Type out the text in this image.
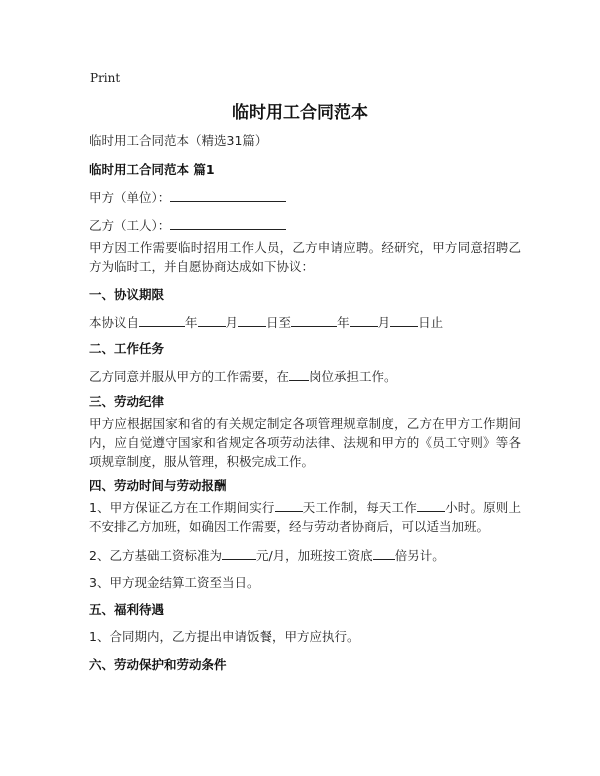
Print
临时用工合同范本
临时用工合同范本（精选31篇）
临时用工合同范本 篇1
甲方（单位）：
乙方（工人）：
甲方因工作需要临时招用工作人员，乙方申请应聘。经研究，甲方同意招聘乙方为临时工，并自愿协商达成如下协议：
一、协议期限
本协议自	年 月 日至	年 月 日止
二、工作任务
乙方同意并服从甲方的工作需要，在 岗位承担工作。
三、劳动纪律
甲方应根据国家和省的有关规定制定各项管理规章制度，乙方在甲方工作期间内，应自觉遵守国家和省规定各项劳动法律、法规和甲方的《员工守则》等各项规章制度，服从管理，积极完成工作。
四、劳动时间与劳动报酬
1、甲方保证乙方在工作期间实行 天工作制，每天工作 小时。原则上不安排乙方加班，如确因工作需要，经与劳动者协商后，可以适当加班。
2、乙方基础工资标准为	元/月，加班按工资底 倍另计。
3、甲方现金结算工资至当日。
五、福利待遇
1、合同期内，乙方提出申请饭餐，甲方应执行。
六、劳动保护和劳动条件
